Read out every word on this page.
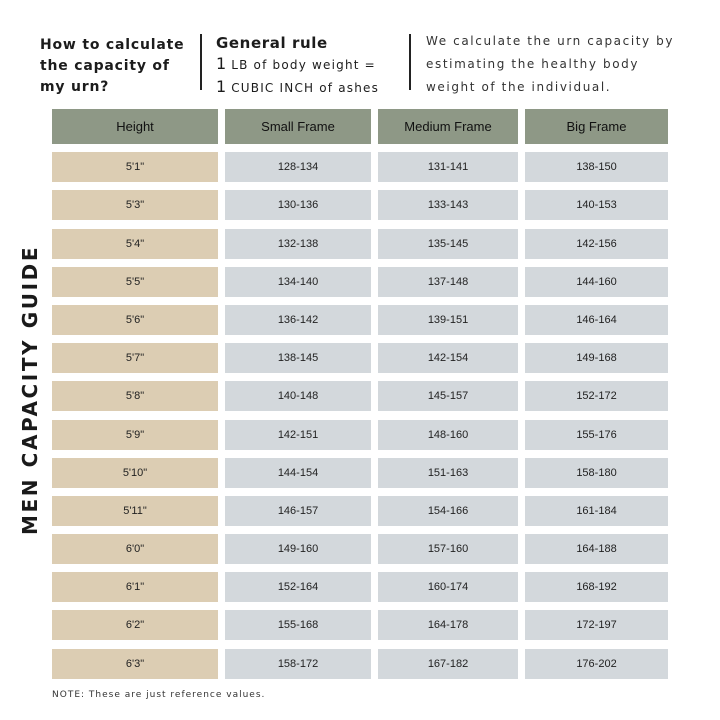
How to calculate the capacity of my urn?
General rule
1 LB of body weight =
1 CUBIC INCH of ashes
We calculate the urn capacity by estimating the healthy body weight of the individual.
MEN CAPACITY GUIDE
Height	Small Frame	Medium Frame	Big Frame
5'1"	128-134	131-141	138-150
5'3"	130-136	133-143	140-153
5'4"	132-138	135-145	142-156
5'5"	134-140	137-148	144-160
5'6"	136-142	139-151	146-164
5'7"	138-145	142-154	149-168
5'8"	140-148	145-157	152-172
5'9"	142-151	148-160	155-176
5'10"	144-154	151-163	158-180
5'11"	146-157	154-166	161-184
6'0"	149-160	157-160	164-188
6'1"	152-164	160-174	168-192
6'2"	155-168	164-178	172-197
6'3"	158-172	167-182	176-202
NOTE: These are just reference values.
